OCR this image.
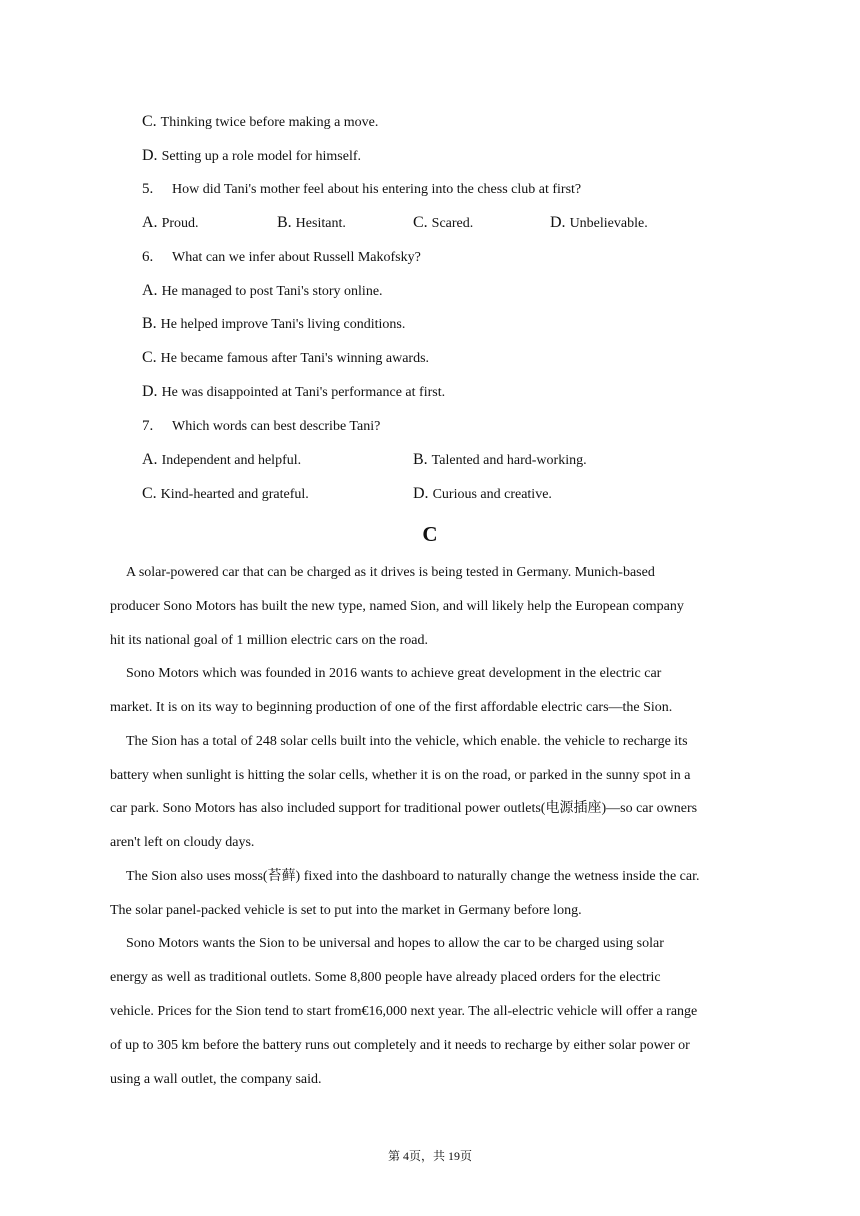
C. Thinking twice before making a move.
D. Setting up a role model for himself.
5. How did Tani's mother feel about his entering into the chess club at first?
A. Proud.	B. Hesitant.	C. Scared.	D. Unbelievable.
6. What can we infer about Russell Makofsky?
A. He managed to post Tani's story online.
B. He helped improve Tani's living conditions.
C. He became famous after Tani's winning awards.
D. He was disappointed at Tani's performance at first.
7. Which words can best describe Tani?
A. Independent and helpful.	B. Talented and hard-working.
C. Kind-hearted and grateful.	D. Curious and creative.
C
A solar-powered car that can be charged as it drives is being tested in Germany. Munich-based
producer Sono Motors has built the new type, named Sion, and will likely help the European company
hit its national goal of 1 million electric cars on the road.
Sono Motors which was founded in 2016 wants to achieve great development in the electric car
market. It is on its way to beginning production of one of the first affordable electric cars—the Sion.
The Sion has a total of 248 solar cells built into the vehicle, which enable. the vehicle to recharge its
battery when sunlight is hitting the solar cells, whether it is on the road, or parked in the sunny spot in a
car park. Sono Motors has also included support for traditional power outlets(电源插座)—so car owners
aren't left on cloudy days.
The Sion also uses moss(苔藓) fixed into the dashboard to naturally change the wetness inside the car.
The solar panel-packed vehicle is set to put into the market in Germany before long.
Sono Motors wants the Sion to be universal and hopes to allow the car to be charged using solar
energy as well as traditional outlets. Some 8,800 people have already placed orders for the electric
vehicle. Prices for the Sion tend to start from€16,000 next year. The all-electric vehicle will offer a range
of up to 305 km before the battery runs out completely and it needs to recharge by either solar power or
using a wall outlet, the company said.
第 4页，共 19页
